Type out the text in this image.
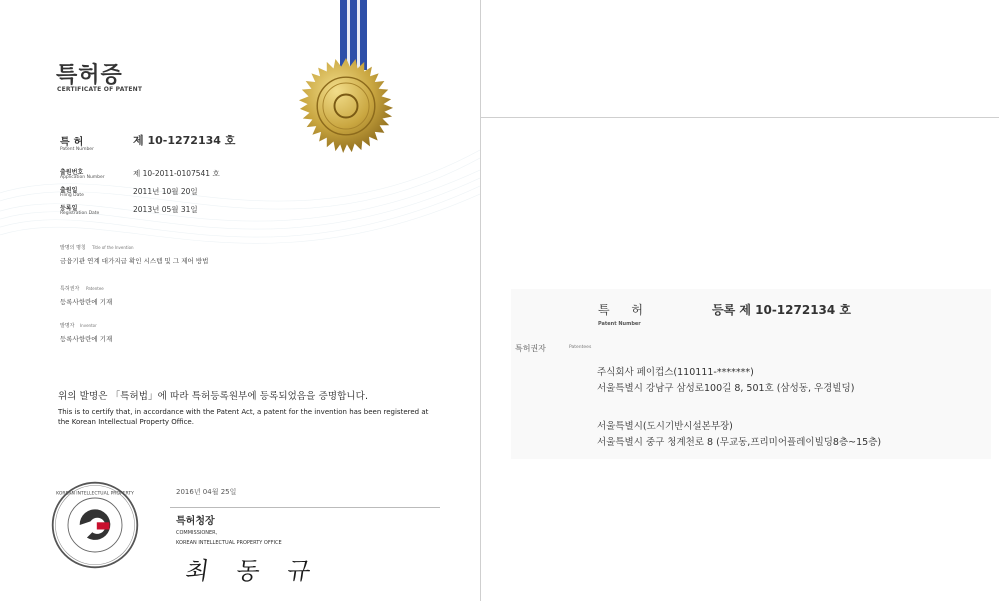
특허증
CERTIFICATE OF PATENT
특허
Patent Number
제 10-1272134 호
출원번호
Application Number	제 10-2011-0107541 호
출원일
Filing Date	2011년 10월 20일
등록일
Registration Date	2013년 05월 31일
발명의 명칭 Title of the Invention
금융기관 연계 대가지급 확인 시스템 및 그 제어 방법
특허권자 Patentee
등록사항란에 기재
발명자 Inventor
등록사항란에 기재
위의 발명은 「특허법」에 따라 특허등록원부에 등록되었음을 증명합니다.
This is to certify that, in accordance with the Patent Act, a patent for the invention has been registered at the Korean Intellectual Property Office.
KOREAN INTELLECTUAL PROPERTY	2016년 04월 25일
특허청장
COMMISSIONER,
KOREAN INTELLECTUAL PROPERTY OFFICE
최 동 규
특 허
Patent Number
등록 제 10-1272134 호
특허권자	Patentees
주식회사 페이컵스(110111-*******)
서울특별시 강남구 삼성로100길 8, 501호 (삼성동, 우경빌딩)
서울특별시(도시기반시설본부장)
서울특별시 중구 청계천로 8 (무교동,프리미어플레이빌딩8층~15층)
